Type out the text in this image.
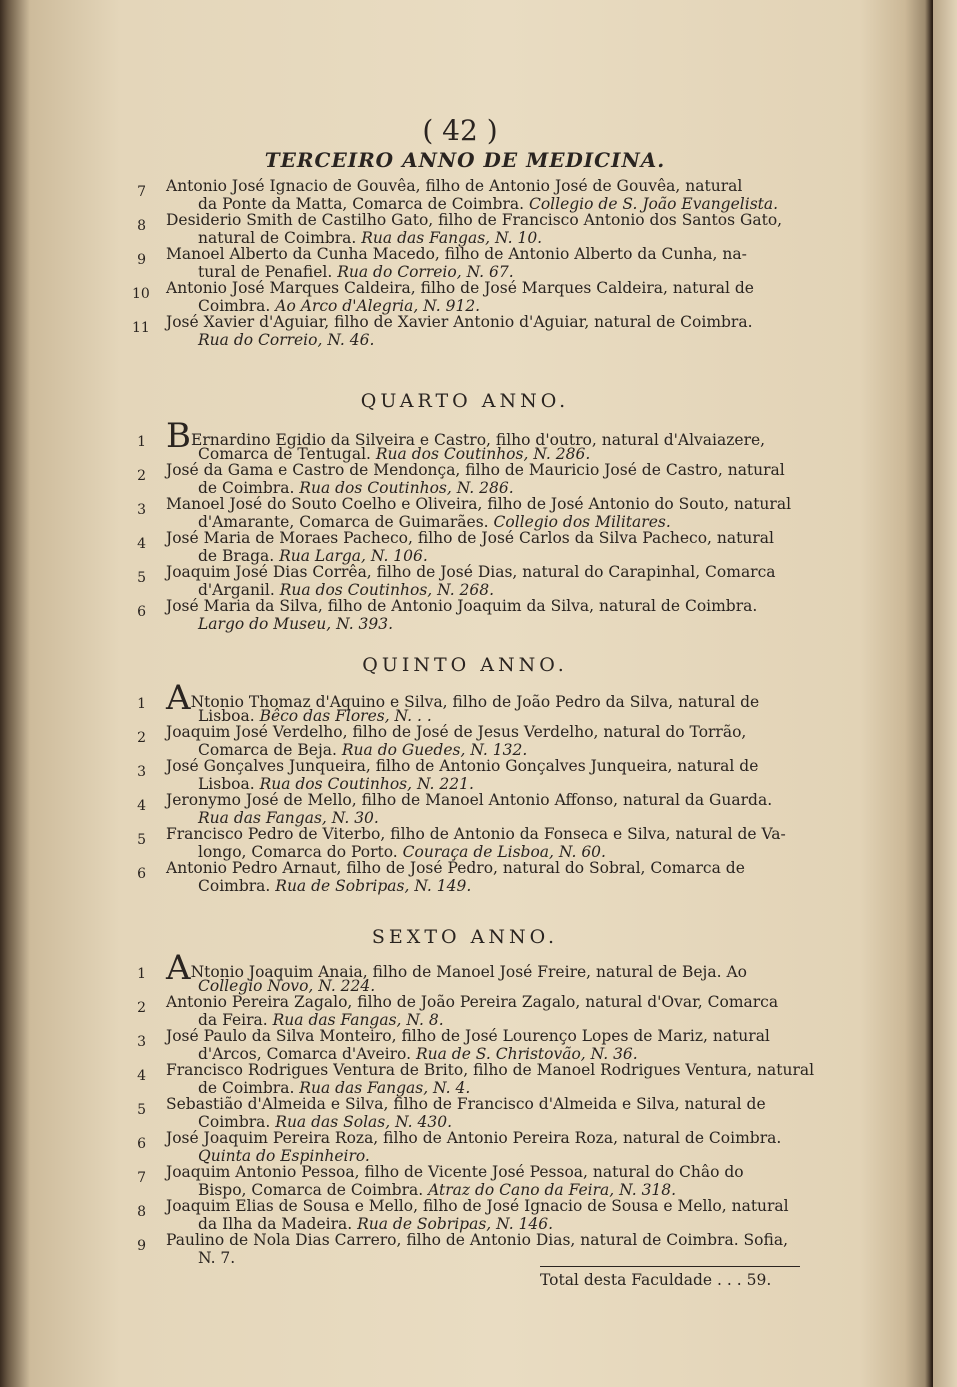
( 42 )
TERCEIRO ANNO DE MEDICINA.
Total desta Faculdade . . . 59.
7 Antonio José Ignacio de Gouvêa, filho de Antonio José de Gouvêa, natural
da Ponte da Matta, Comarca de Coimbra. Collegio de S. João Evangelista.
8 Desiderio Smith de Castilho Gato, filho de Francisco Antonio dos Santos Gato,
natural de Coimbra. Rua das Fangas, N. 10.
9 Manoel Alberto da Cunha Macedo, filho de Antonio Alberto da Cunha, na-
tural de Penafiel. Rua do Correio, N. 67.
10 Antonio José Marques Caldeira, filho de José Marques Caldeira, natural de
Coimbra. Ao Arco d'Alegria, N. 912.
11 José Xavier d'Aguiar, filho de Xavier Antonio d'Aguiar, natural de Coimbra.
Rua do Correio, N. 46.
QUARTO ANNO.
1 BErnardino Egidio da Silveira e Castro, filho d'outro, natural d'Alvaiazere,
Comarca de Tentugal. Rua dos Coutinhos, N. 286.
2 José da Gama e Castro de Mendonça, filho de Mauricio José de Castro, natural
de Coimbra. Rua dos Coutinhos, N. 286.
3 Manoel José do Souto Coelho e Oliveira, filho de José Antonio do Souto, natural
d'Amarante, Comarca de Guimarães. Collegio dos Militares.
4 José Maria de Moraes Pacheco, filho de José Carlos da Silva Pacheco, natural
de Braga. Rua Larga, N. 106.
5 Joaquim José Dias Corrêa, filho de José Dias, natural do Carapinhal, Comarca
d'Arganil. Rua dos Coutinhos, N. 268.
6 José Maria da Silva, filho de Antonio Joaquim da Silva, natural de Coimbra.
Largo do Museu, N. 393.
QUINTO ANNO.
1 ANtonio Thomaz d'Aquino e Silva, filho de João Pedro da Silva, natural de
Lisboa. Bêco das Flores, N. . .
2 Joaquim José Verdelho, filho de José de Jesus Verdelho, natural do Torrão,
Comarca de Beja. Rua do Guedes, N. 132.
3 José Gonçalves Junqueira, filho de Antonio Gonçalves Junqueira, natural de
Lisboa. Rua dos Coutinhos, N. 221.
4 Jeronymo José de Mello, filho de Manoel Antonio Affonso, natural da Guarda.
Rua das Fangas, N. 30.
5 Francisco Pedro de Viterbo, filho de Antonio da Fonseca e Silva, natural de Va-
longo, Comarca do Porto. Couraça de Lisboa, N. 60.
6 Antonio Pedro Arnaut, filho de José Pedro, natural do Sobral, Comarca de
Coimbra. Rua de Sobripas, N. 149.
SEXTO ANNO.
1 ANtonio Joaquim Anaia, filho de Manoel José Freire, natural de Beja. Ao
Collegio Novo, N. 224.
2 Antonio Pereira Zagalo, filho de João Pereira Zagalo, natural d'Ovar, Comarca
da Feira. Rua das Fangas, N. 8.
3 José Paulo da Silva Monteiro, filho de José Lourenço Lopes de Mariz, natural
d'Arcos, Comarca d'Aveiro. Rua de S. Christovão, N. 36.
4 Francisco Rodrigues Ventura de Brito, filho de Manoel Rodrigues Ventura, natural
de Coimbra. Rua das Fangas, N. 4.
5 Sebastião d'Almeida e Silva, filho de Francisco d'Almeida e Silva, natural de
Coimbra. Rua das Solas, N. 430.
6 José Joaquim Pereira Roza, filho de Antonio Pereira Roza, natural de Coimbra.
Quinta do Espinheiro.
7 Joaquim Antonio Pessoa, filho de Vicente José Pessoa, natural do Châo do
Bispo, Comarca de Coimbra. Atraz do Cano da Feira, N. 318.
8 Joaquim Elias de Sousa e Mello, filho de José Ignacio de Sousa e Mello, natural
da Ilha da Madeira. Rua de Sobripas, N. 146.
9 Paulino de Nola Dias Carrero, filho de Antonio Dias, natural de Coimbra. Sofia,
N. 7.
